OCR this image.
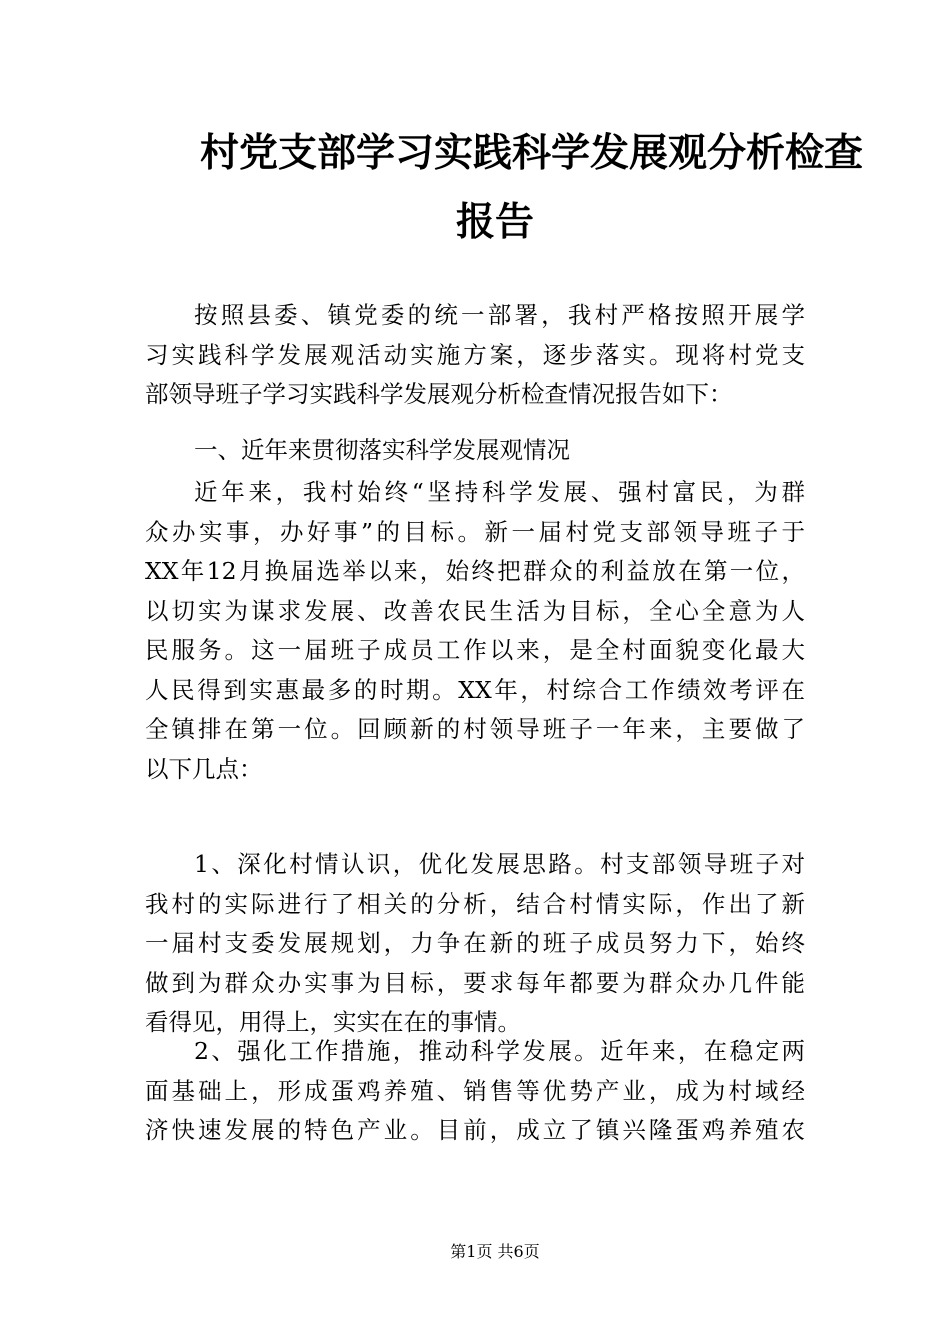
村党支部学习实践科学发展观分析检查
报告
按照县委、镇党委的统一部署，我村严格按照开展学
习实践科学发展观活动实施方案，逐步落实。现将村党支
部领导班子学习实践科学发展观分析检查情况报告如下：
一、近年来贯彻落实科学发展观情况
近年来，我村始终“坚持科学发展、强村富民，为群
众办实事，办好事”的目标。新一届村党支部领导班子于
XX年12月换届选举以来，始终把群众的利益放在第一位，
以切实为谋求发展、改善农民生活为目标，全心全意为人
民服务。这一届班子成员工作以来，是全村面貌变化最大
人民得到实惠最多的时期。XX年，村综合工作绩效考评在
全镇排在第一位。回顾新的村领导班子一年来，主要做了
以下几点：
1、深化村情认识，优化发展思路。村支部领导班子对
我村的实际进行了相关的分析，结合村情实际，作出了新
一届村支委发展规划，力争在新的班子成员努力下，始终
做到为群众办实事为目标，要求每年都要为群众办几件能
看得见，用得上，实实在在的事情。
2、强化工作措施，推动科学发展。近年来，在稳定两
面基础上，形成蛋鸡养殖、销售等优势产业，成为村域经
济快速发展的特色产业。目前，成立了镇兴隆蛋鸡养殖农
第1页 共6页
